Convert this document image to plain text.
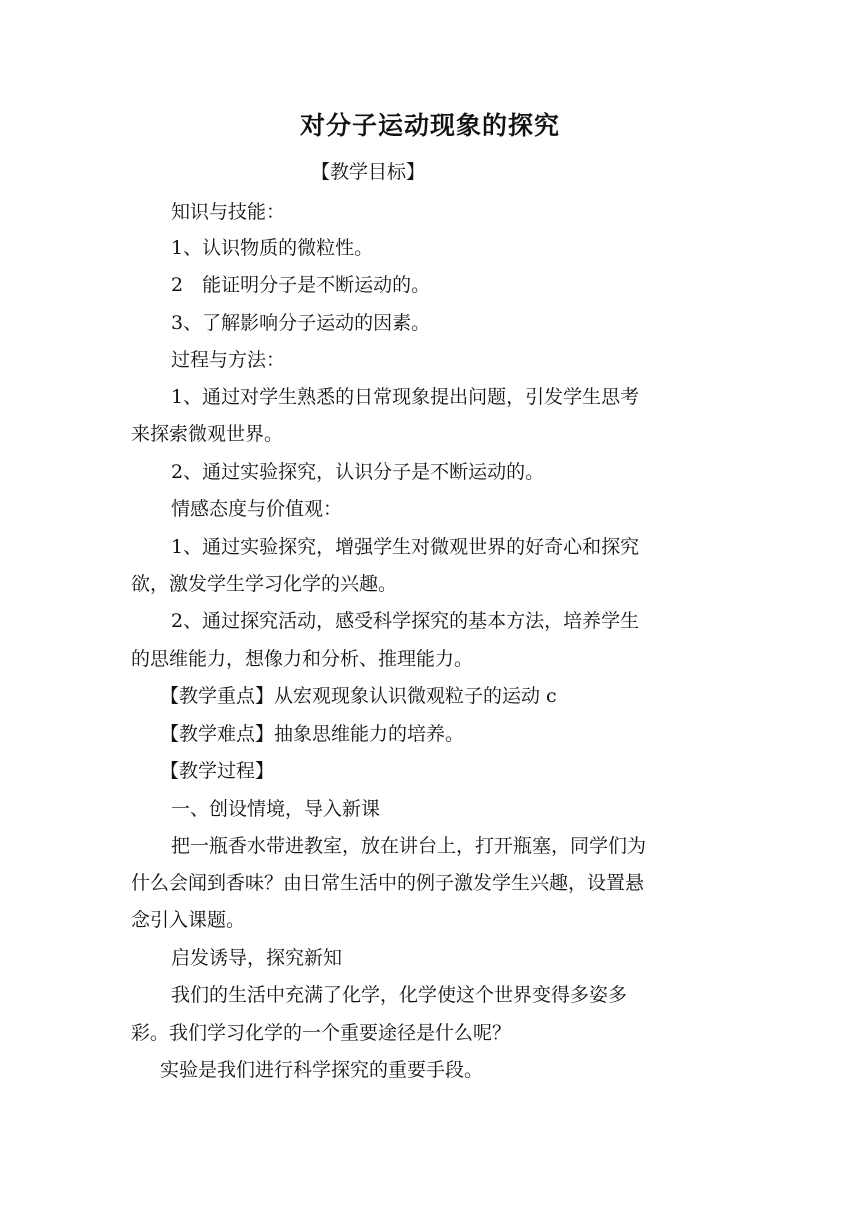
对分子运动现象的探究
【教学目标】
知识与技能：
1、认识物质的微粒性。
2　能证明分子是不断运动的。
3、了解影响分子运动的因素。
过程与方法：
1、通过对学生熟悉的日常现象提出问题，引发学生思考
来探索微观世界。
2、通过实验探究，认识分子是不断运动的。
情感态度与价值观：
1、通过实验探究，增强学生对微观世界的好奇心和探究
欲，激发学生学习化学的兴趣。
2、通过探究活动，感受科学探究的基本方法，培养学生
的思维能力，想像力和分析、推理能力。
【教学重点】从宏观现象认识微观粒子的运动 c
【教学难点】抽象思维能力的培养。
【教学过程】
一、创设情境，导入新课
把一瓶香水带进教室，放在讲台上，打开瓶塞，同学们为
什么会闻到香味？由日常生活中的例子激发学生兴趣，设置悬
念引入课题。
启发诱导，探究新知
我们的生活中充满了化学，化学使这个世界变得多姿多
彩。我们学习化学的一个重要途径是什么呢？
实验是我们进行科学探究的重要手段。
